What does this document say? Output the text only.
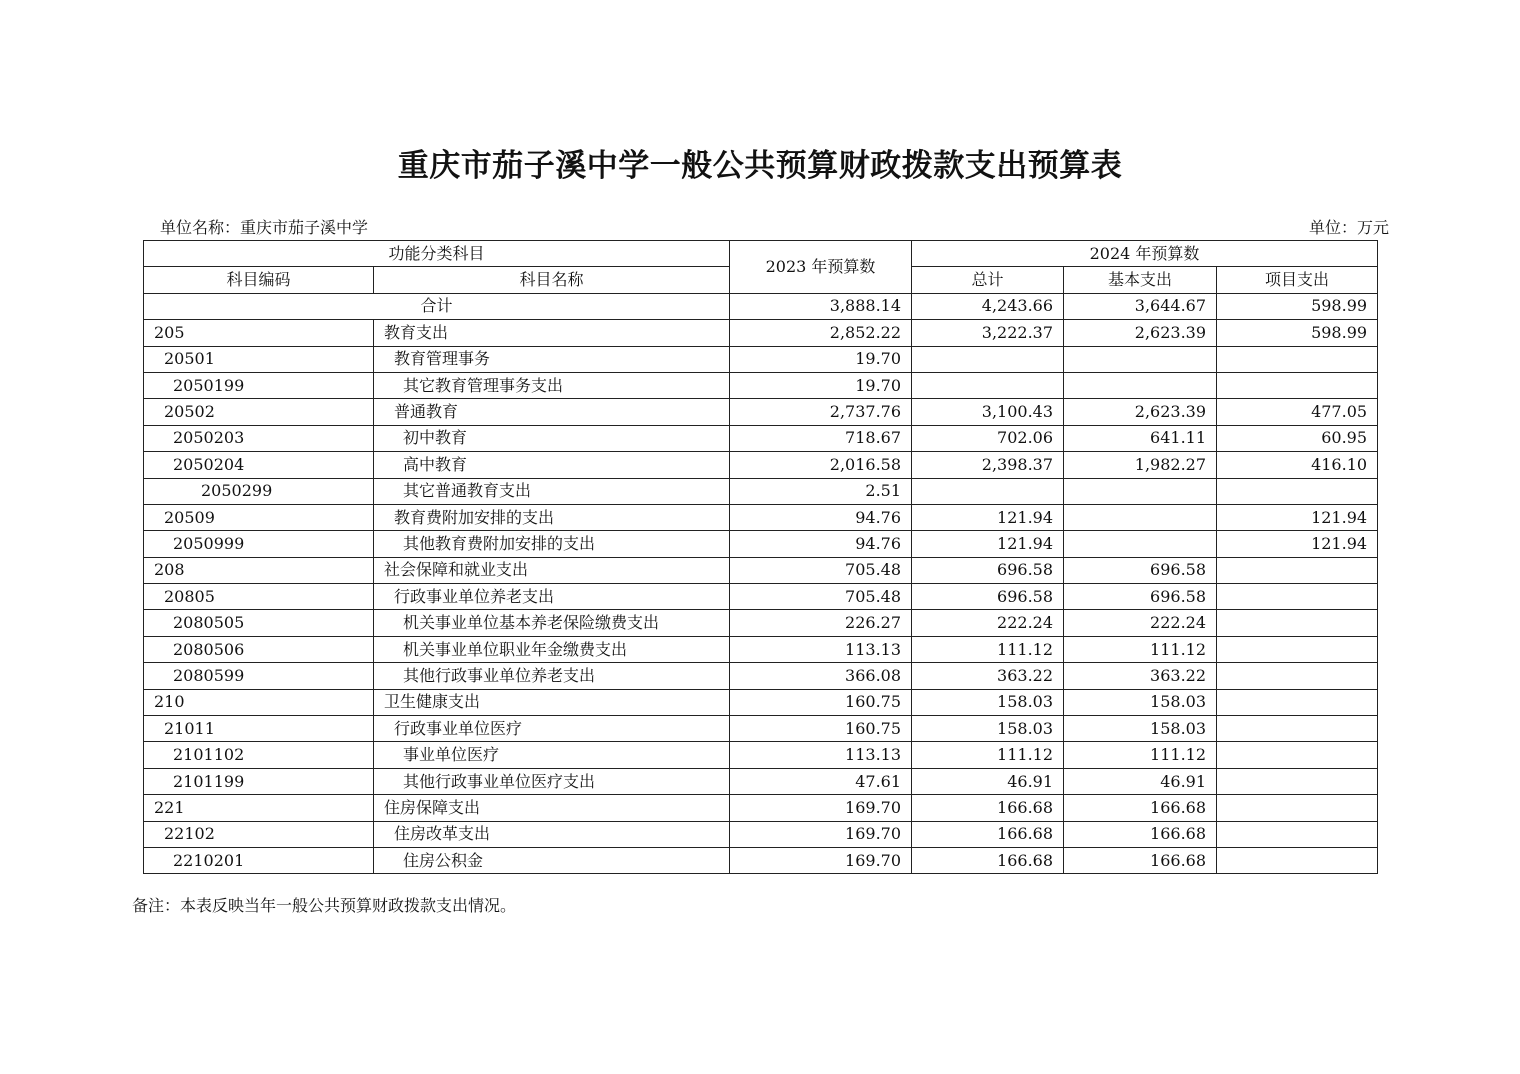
重庆市茄子溪中学一般公共预算财政拨款支出预算表
单位名称：重庆市茄子溪中学	单位：万元
功能分类科目		2023 年预算数	2024 年预算数		
科目编码	科目名称		总计	基本支出	项目支出
合计		3,888.14	4,243.66	3,644.67	598.99
205	教育支出	2,852.22	3,222.37	2,623.39	598.99
20501	教育管理事务	19.70			
2050199	其它教育管理事务支出	19.70			
20502	普通教育	2,737.76	3,100.43	2,623.39	477.05
2050203	初中教育	718.67	702.06	641.11	60.95
2050204	高中教育	2,016.58	2,398.37	1,982.27	416.10
2050299	其它普通教育支出	2.51			
20509	教育费附加安排的支出	94.76	121.94		121.94
2050999	其他教育费附加安排的支出	94.76	121.94		121.94
208	社会保障和就业支出	705.48	696.58	696.58	
20805	行政事业单位养老支出	705.48	696.58	696.58	
2080505	机关事业单位基本养老保险缴费支出	226.27	222.24	222.24	
2080506	机关事业单位职业年金缴费支出	113.13	111.12	111.12	
2080599	其他行政事业单位养老支出	366.08	363.22	363.22	
210	卫生健康支出	160.75	158.03	158.03	
21011	行政事业单位医疗	160.75	158.03	158.03	
2101102	事业单位医疗	113.13	111.12	111.12	
2101199	其他行政事业单位医疗支出	47.61	46.91	46.91	
221	住房保障支出	169.70	166.68	166.68	
22102	住房改革支出	169.70	166.68	166.68	
2210201	住房公积金	169.70	166.68	166.68	
备注：本表反映当年一般公共预算财政拨款支出情况。
